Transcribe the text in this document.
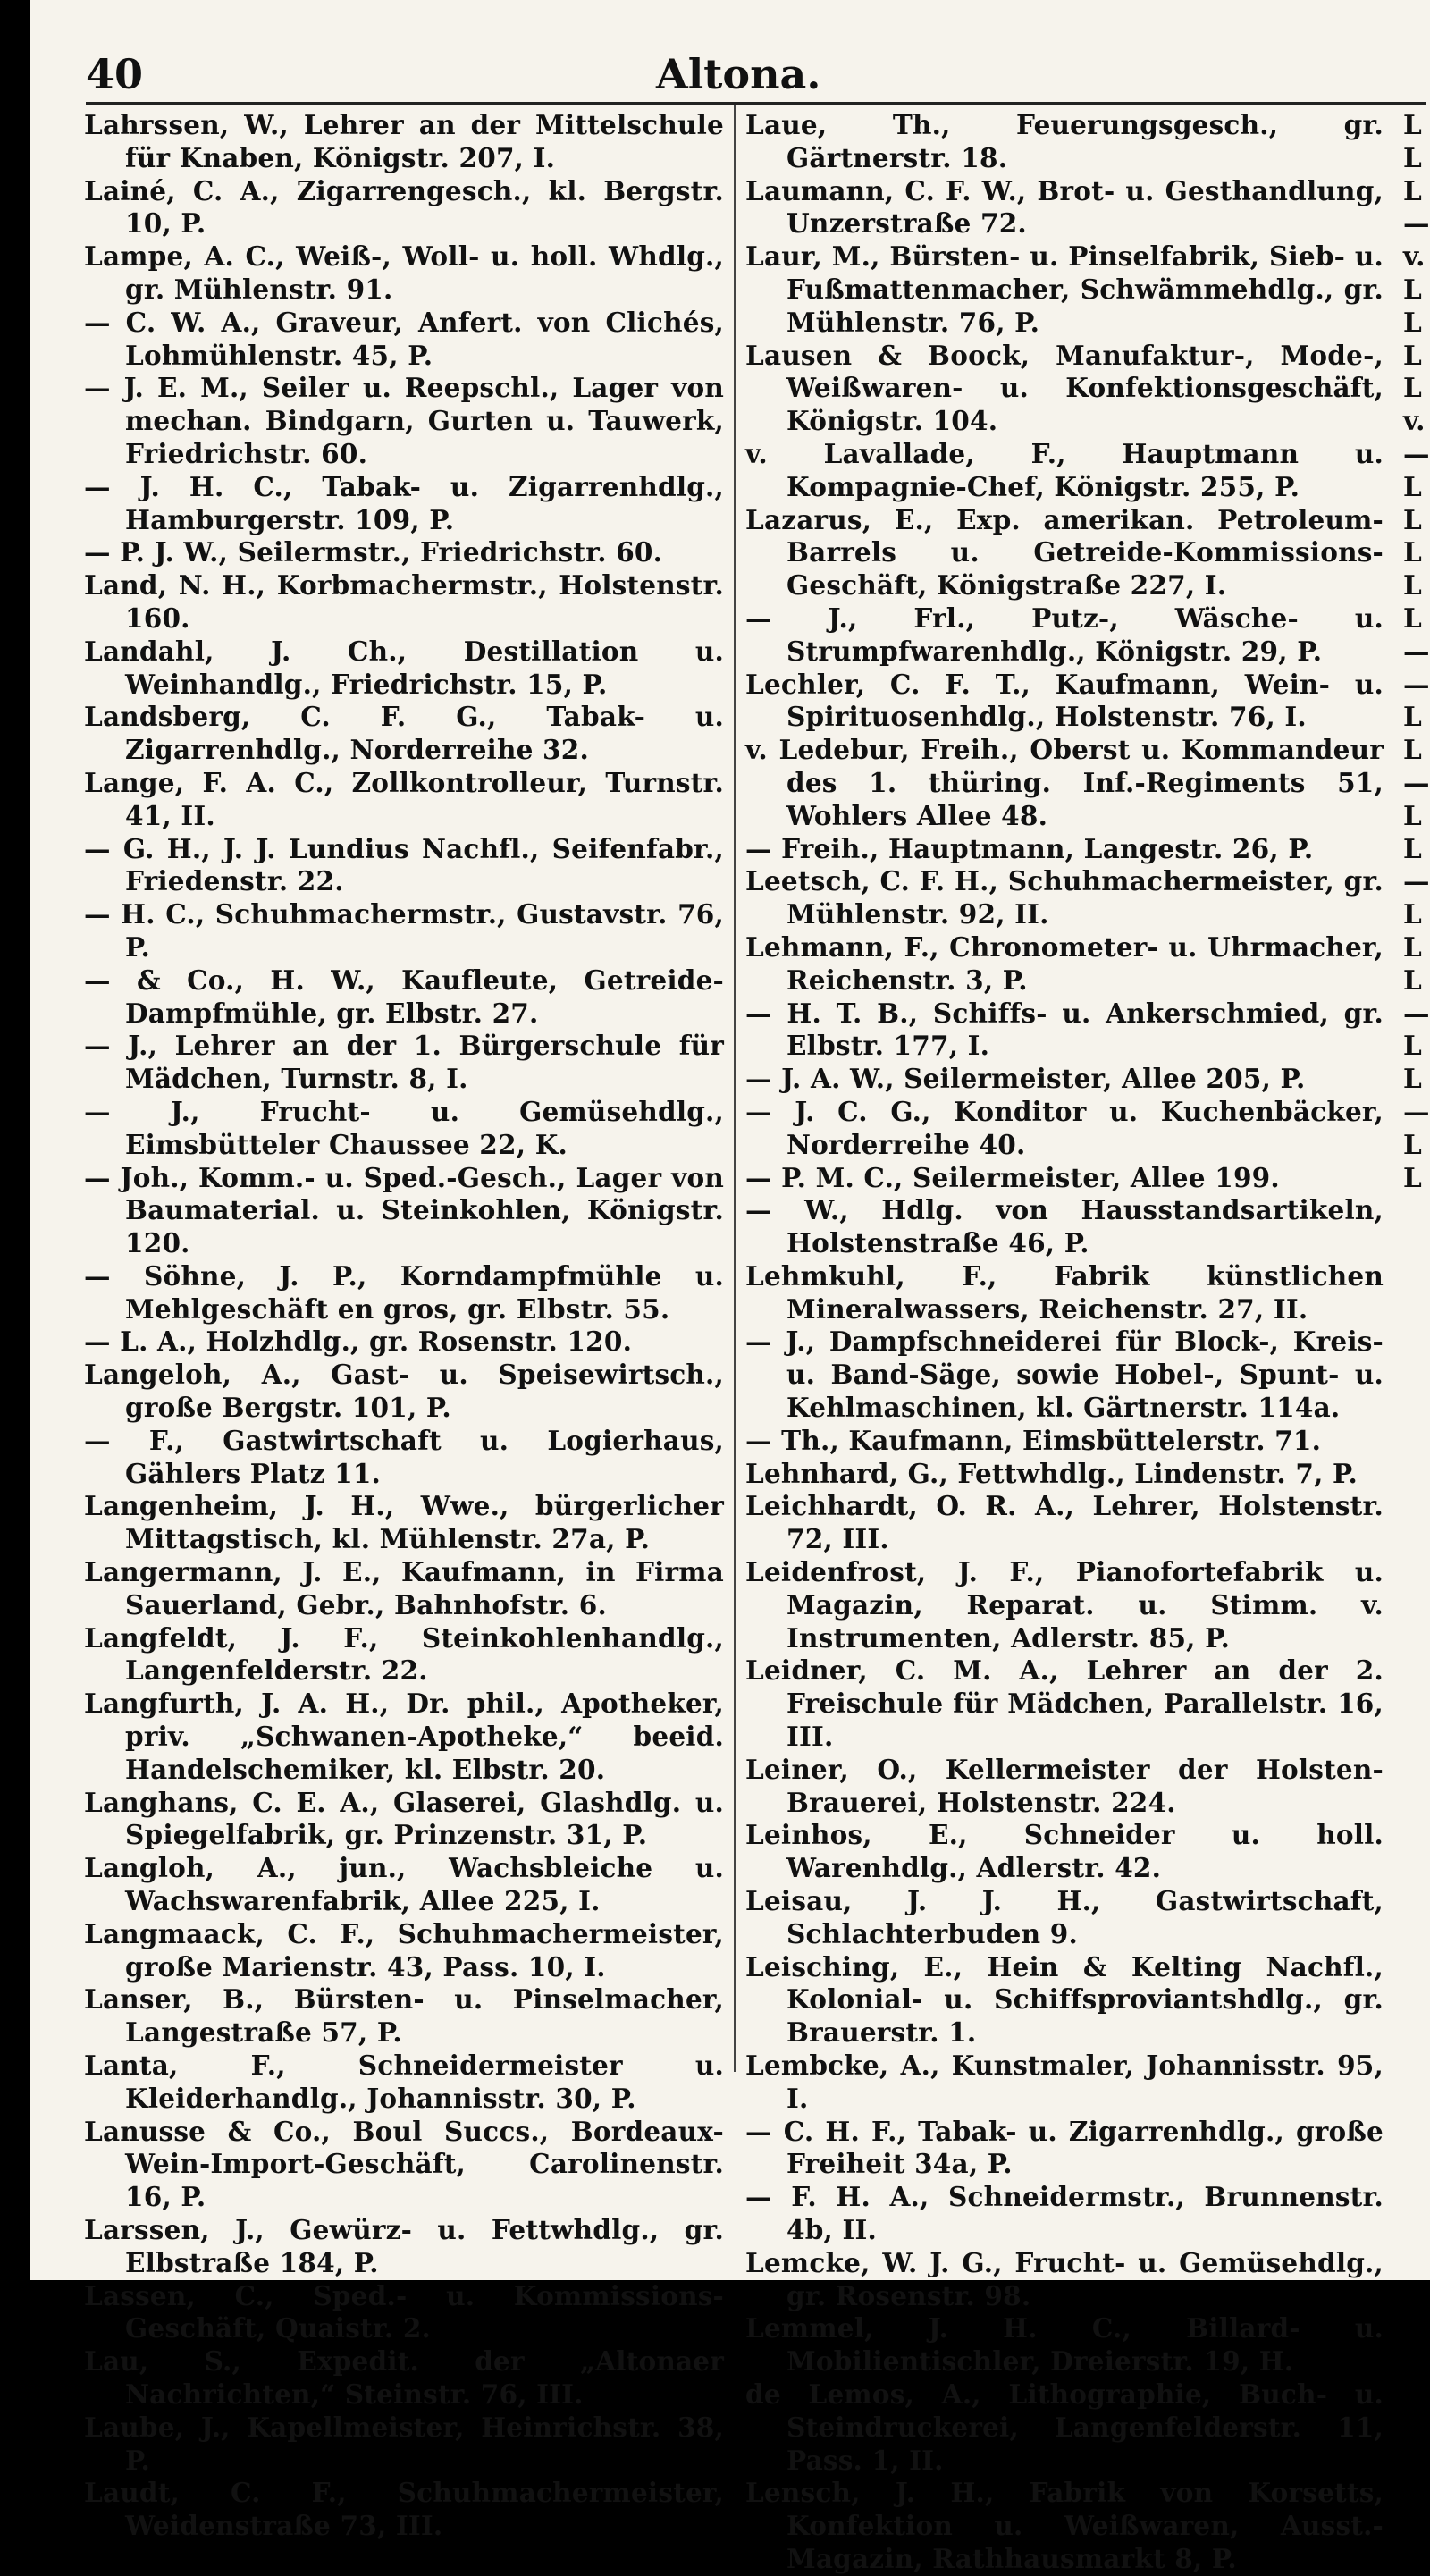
40	Altona.
Lahrssen, W., Lehrer an der Mittelschule für Knaben, Königstr. 207, I.
Lainé, C. A., Zigarrengesch., kl. Bergstr. 10, P.
Lampe, A. C., Weiß-, Woll- u. holl. Whdlg., gr. Mühlenstr. 91.
— C. W. A., Graveur, Anfert. von Clichés, Lohmühlenstr. 45, P.
— J. E. M., Seiler u. Reepschl., Lager von mechan. Bindgarn, Gurten u. Tauwerk, Friedrichstr. 60.
— J. H. C., Tabak- u. Zigarrenhdlg., Hamburgerstr. 109, P.
— P. J. W., Seilermstr., Friedrichstr. 60.
Land, N. H., Korbmachermstr., Holstenstr. 160.
Landahl, J. Ch., Destillation u. Weinhandlg., Friedrichstr. 15, P.
Landsberg, C. F. G., Tabak- u. Zigarrenhdlg., Norderreihe 32.
Lange, F. A. C., Zollkontrolleur, Turnstr. 41, II.
— G. H., J. J. Lundius Nachfl., Seifenfabr., Friedenstr. 22.
— H. C., Schuhmachermstr., Gustavstr. 76, P.
— & Co., H. W., Kaufleute, Getreide-Dampfmühle, gr. Elbstr. 27.
— J., Lehrer an der 1. Bürgerschule für Mädchen, Turnstr. 8, I.
— J., Frucht- u. Gemüsehdlg., Eimsbütteler Chaussee 22, K.
— Joh., Komm.- u. Sped.-Gesch., Lager von Baumaterial. u. Steinkohlen, Königstr. 120.
— Söhne, J. P., Korndampfmühle u. Mehlgeschäft en gros, gr. Elbstr. 55.
— L. A., Holzhdlg., gr. Rosenstr. 120.
Langeloh, A., Gast- u. Speisewirtsch., große Bergstr. 101, P.
— F., Gastwirtschaft u. Logierhaus, Gählers Platz 11.
Langenheim, J. H., Wwe., bürgerlicher Mittagstisch, kl. Mühlenstr. 27a, P.
Langermann, J. E., Kaufmann, in Firma Sauerland, Gebr., Bahnhofstr. 6.
Langfeldt, J. F., Steinkohlenhandlg., Langenfelderstr. 22.
Langfurth, J. A. H., Dr. phil., Apotheker, priv. „Schwanen-Apotheke,“ beeid. Handelschemiker, kl. Elbstr. 20.
Langhans, C. E. A., Glaserei, Glashdlg. u. Spiegelfabrik, gr. Prinzenstr. 31, P.
Langloh, A., jun., Wachsbleiche u. Wachswarenfabrik, Allee 225, I.
Langmaack, C. F., Schuhmachermeister, große Marienstr. 43, Pass. 10, I.
Lanser, B., Bürsten- u. Pinselmacher, Langestraße 57, P.
Lanta, F., Schneidermeister u. Kleiderhandlg., Johannisstr. 30, P.
Lanusse & Co., Boul Succs., Bordeaux-Wein-Import-Geschäft, Carolinenstr. 16, P.
Larssen, J., Gewürz- u. Fettwhdlg., gr. Elbstraße 184, P.
Lassen, C., Sped.- u. Kommissions-Geschäft, Quaistr. 2.
Lau, S., Expedit. der „Altonaer Nachrichten,“ Steinstr. 76, III.
Laube, J., Kapellmeister, Heinrichstr. 38, P.
Laudt, C. F., Schuhmachermeister, Weidenstraße 73, III.
Laue, Th., Feuerungsgesch., gr. Gärtnerstr. 18.
Laumann, C. F. W., Brot- u. Gesthandlung, Unzerstraße 72.
Laur, M., Bürsten- u. Pinselfabrik, Sieb- u. Fußmattenmacher, Schwämmehdlg., gr. Mühlenstr. 76, P.
Lausen & Boock, Manufaktur-, Mode-, Weißwaren- u. Konfektionsgeschäft, Königstr. 104.
v. Lavallade, F., Hauptmann u. Kompagnie-Chef, Königstr. 255, P.
Lazarus, E., Exp. amerikan. Petroleum-Barrels u. Getreide-Kommissions-Geschäft, Königstraße 227, I.
— J., Frl., Putz-, Wäsche- u. Strumpfwarenhdlg., Königstr. 29, P.
Lechler, C. F. T., Kaufmann, Wein- u. Spirituosenhdlg., Holstenstr. 76, I.
v. Ledebur, Freih., Oberst u. Kommandeur des 1. thüring. Inf.-Regiments 51, Wohlers Allee 48.
— Freih., Hauptmann, Langestr. 26, P.
Leetsch, C. F. H., Schuhmachermeister, gr. Mühlenstr. 92, II.
Lehmann, F., Chronometer- u. Uhrmacher, Reichenstr. 3, P.
— H. T. B., Schiffs- u. Ankerschmied, gr. Elbstr. 177, I.
— J. A. W., Seilermeister, Allee 205, P.
— J. C. G., Konditor u. Kuchenbäcker, Norderreihe 40.
— P. M. C., Seilermeister, Allee 199.
— W., Hdlg. von Hausstandsartikeln, Holstenstraße 46, P.
Lehmkuhl, F., Fabrik künstlichen Mineralwassers, Reichenstr. 27, II.
— J., Dampfschneiderei für Block-, Kreis- u. Band-Säge, sowie Hobel-, Spunt- u. Kehlmaschinen, kl. Gärtnerstr. 114a.
— Th., Kaufmann, Eimsbüttelerstr. 71.
Lehnhard, G., Fettwhdlg., Lindenstr. 7, P.
Leichhardt, O. R. A., Lehrer, Holstenstr. 72, III.
Leidenfrost, J. F., Pianofortefabrik u. Magazin, Reparat. u. Stimm. v. Instrumenten, Adlerstr. 85, P.
Leidner, C. M. A., Lehrer an der 2. Freischule für Mädchen, Parallelstr. 16, III.
Leiner, O., Kellermeister der Holsten-Brauerei, Holstenstr. 224.
Leinhos, E., Schneider u. holl. Warenhdlg., Adlerstr. 42.
Leisau, J. J. H., Gastwirtschaft, Schlachterbuden 9.
Leisching, E., Hein & Kelting Nachfl., Kolonial- u. Schiffsproviantshdlg., gr. Brauerstr. 1.
Lembcke, A., Kunstmaler, Johannisstr. 95, I.
— C. H. F., Tabak- u. Zigarrenhdlg., große Freiheit 34a, P.
— F. H. A., Schneidermstr., Brunnenstr. 4b, II.
Lemcke, W. J. G., Frucht- u. Gemüsehdlg., gr. Rosenstr. 98.
Lemmel, J. H. C., Billard- u. Mobilientischler, Dreierstr. 19, H.
de Lemos, A., Lithographie, Buch- u. Steindruckerei, Langenfelderstr. 11, Pass. 1, II.
Lensch, J. H., Fabrik von Korsetts, Konfektion u. Weißwaren, Ausst.-Magazin, Rathhausmarkt 8, P.
L
L
L
—
v.
L
L
L
L
v.
—
L
L
L
L
L
—
—
L
L
—
L
L
—
L
L
L
—
L
L
—
L
L
